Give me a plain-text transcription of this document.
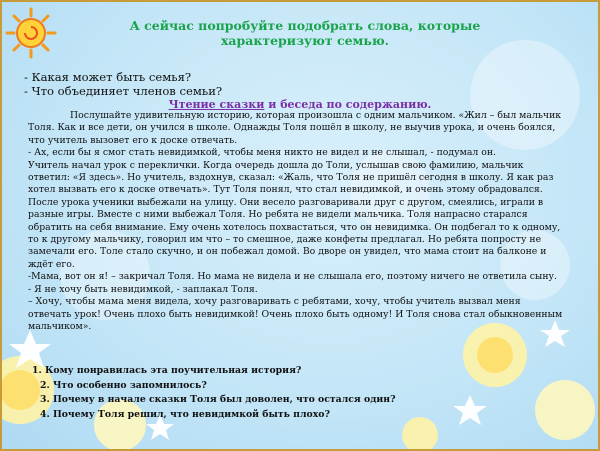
А сейчас попробуйте подобрать слова, которые
характеризуют семью.
- Какая может быть семья?
- Что объединяет членов семьи?
Чтение сказки и беседа по содержанию.

Послушайте удивительную историю, которая произошла с одним мальчиком. «Жил – был мальчик Толя. Как и все дети, он учился в школе. Однажды Толя пошёл в школу, не выучив урока, и очень боялся, что учитель вызовет его к доске отвечать.

- Ах, если бы я смог стать невидимкой, чтобы меня никто не видел и не слышал, - подумал он.

Учитель начал урок с переклички. Когда очередь дошла до Толи, услышав свою фамилию, мальчик ответил: «Я здесь». Но учитель, вздохнув, сказал: «Жаль, что Толя не пришёл сегодня в школу. Я как раз хотел вызвать его к доске отвечать». Тут Толя понял, что стал невидимкой, и очень этому обрадовался. После урока ученики выбежали на улицу. Они весело разговаривали друг с другом, смеялись, играли в разные игры. Вместе с ними выбежал Толя. Но ребята не видели мальчика. Толя напрасно старался обратить на себя внимание. Ему очень хотелось похвастаться, что он невидимка. Он подбегал то к одному, то к другому мальчику, говорил им что – то смешное, даже конфеты предлагал. Но ребята попросту не замечали его. Толе стало скучно, и он побежал домой. Во дворе он увидел, что мама стоит на балконе и ждёт его.

-Мама, вот он я! – закричал Толя. Но мама не видела и не слышала его, поэтому ничего не ответила сыну.

- Я не хочу быть невидимкой, - заплакал Толя.

– Хочу, чтобы мама меня видела, хочу разговаривать с ребятами, хочу, чтобы учитель вызвал меня отвечать урок! Очень плохо быть невидимкой! Очень плохо быть одному! И Толя снова стал обыкновенным мальчиком».

1. Кому понравилась эта поучительная история?
2. Что особенно запомнилось?
3. Почему в начале сказки Толя был доволен, что остался один?
4. Почему Толя решил, что невидимкой быть плохо?
